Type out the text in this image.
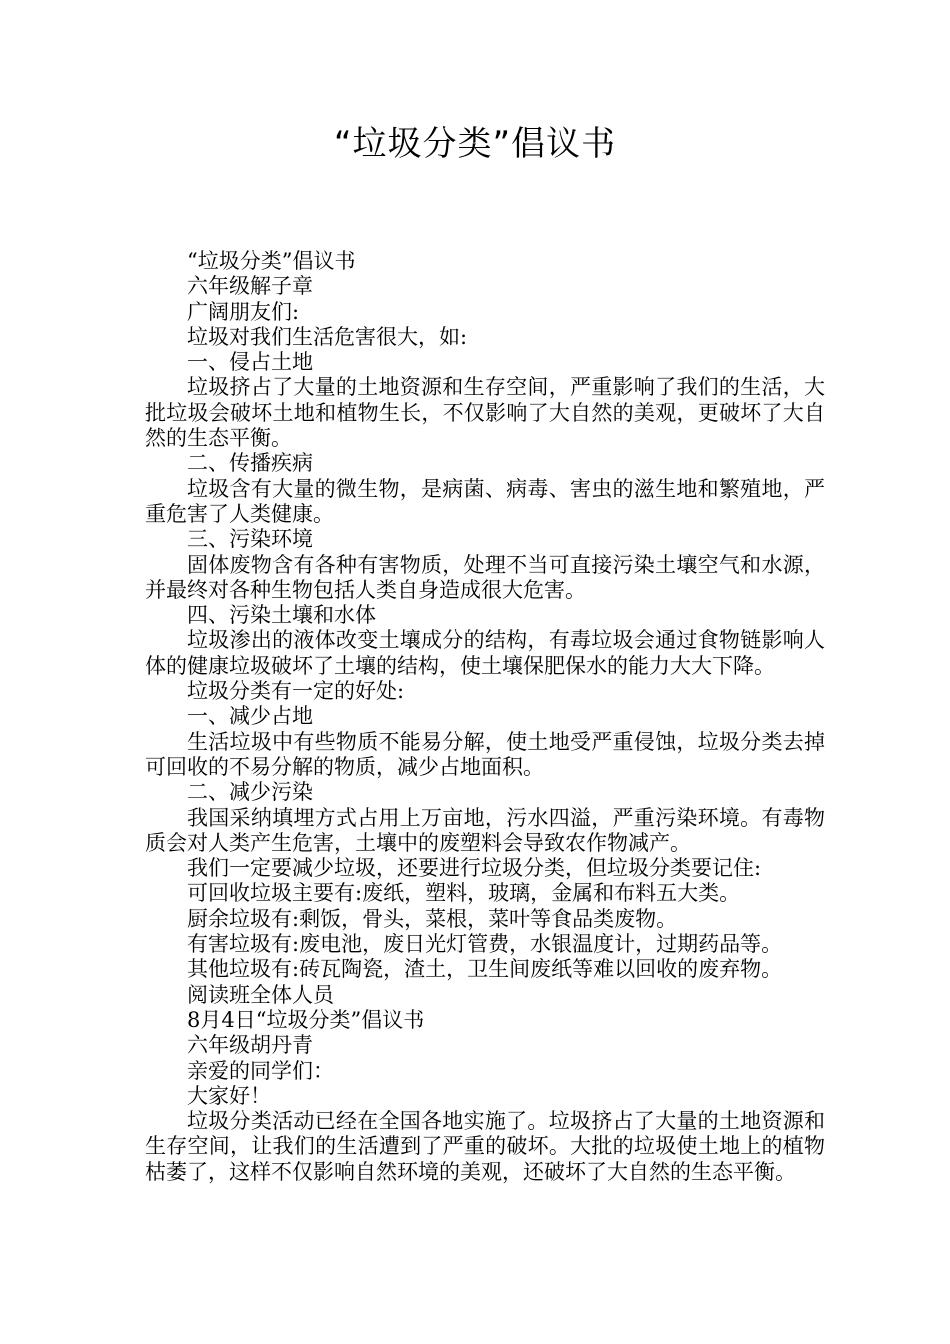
“垃圾分类”倡议书

“垃圾分类”倡议书

六年级解子章

广阔朋友们:

垃圾对我们生活危害很大，如:

一、侵占土地

垃圾挤占了大量的土地资源和生存空间，严重影响了我们的生活，大批垃圾会破坏土地和植物生长，不仅影响了大自然的美观，更破坏了大自然的生态平衡。

二、传播疾病

垃圾含有大量的微生物，是病菌、病毒、害虫的滋生地和繁殖地，严重危害了人类健康。

三、污染环境

固体废物含有各种有害物质，处理不当可直接污染土壤空气和水源，并最终对各种生物包括人类自身造成很大危害。

四、污染土壤和水体

垃圾渗出的液体改变土壤成分的结构，有毒垃圾会通过食物链影响人体的健康垃圾破坏了土壤的结构，使土壤保肥保水的能力大大下降。

垃圾分类有一定的好处:

一、减少占地

生活垃圾中有些物质不能易分解，使土地受严重侵蚀，垃圾分类去掉可回收的不易分解的物质，减少占地面积。

二、减少污染

我国采纳填埋方式占用上万亩地，污水四溢，严重污染环境。有毒物质会对人类产生危害，土壤中的废塑料会导致农作物减产。

我们一定要减少垃圾，还要进行垃圾分类，但垃圾分类要记住:

可回收垃圾主要有:废纸，塑料，玻璃，金属和布料五大类。

厨余垃圾有:剩饭，骨头，菜根，菜叶等食品类废物。

有害垃圾有:废电池，废日光灯管费，水银温度计，过期药品等。

其他垃圾有:砖瓦陶瓷，渣土，卫生间废纸等难以回收的废弃物。

阅读班全体人员

8月4日“垃圾分类”倡议书

六年级胡丹青

亲爱的同学们：

大家好！

垃圾分类活动已经在全国各地实施了。垃圾挤占了大量的土地资源和生存空间，让我们的生活遭到了严重的破坏。大批的垃圾使土地上的植物枯萎了，这样不仅影响自然环境的美观，还破坏了大自然的生态平衡。
